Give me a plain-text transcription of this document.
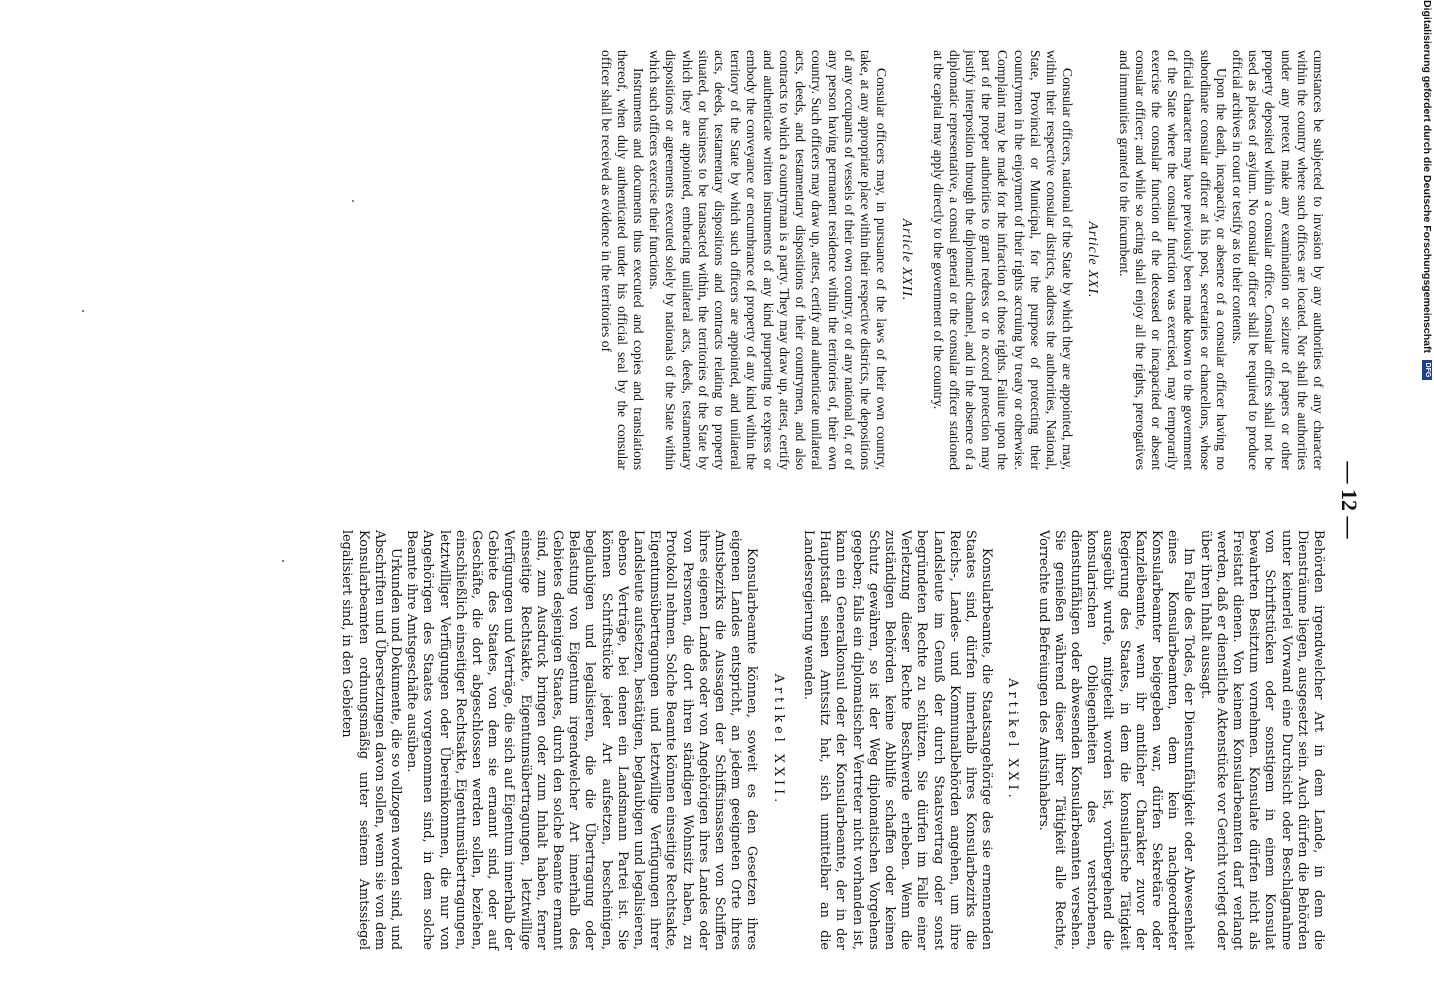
Digitalisierung gefördert durch die Deutsche Forschungsgemeinschaft DFG
— 12 —

cumstances be subjected to invasion by any authorities of any character within the country where such offices are located. Nor shall the authorities under any pretext make any examination or seizure of papers or other property deposited within a consular office. Consular offices shall not be used as places of asylum. No consular officer shall be required to produce official archives in court or testify as to their contents.

Upon the death, incapacity, or absence of a consular officer having no subordinate consular officer at his post, secretaries or chancellors, whose official character may have previously been made known to the government of the State where the consular function was exercised, may temporarily exercise the consular function of the deceased or incapacited or absent consular officer; and while so acting shall enjoy all the rights, prerogatives and immunities granted to the incumbent.

Article XXI.

Consular officers, national of the State by which they are appointed, may, within their respective consular districts, address the authorities, National, State, Provincial or Municipal, for the purpose of protecting their countrymen in the enjoyment of their rights accruing by treaty or otherwise. Complaint may be made for the infraction of those rights. Failure upon the part of the proper authorities to grant redress or to accord protection may justify interposition through the diplomatic channel, and in the absence of a diplomatic representative, a consul general or the consular officer stationed at the capital may apply directly to the government of the country.

Article XXII.

Consular officers may, in pursuance of the laws of their own country, take, at any appropriate place within their respective districts, the depositions of any occupants of vessels of their own country, or of any national of, or of any person having permanent residence within the territories of, their own country. Such officers may draw up, attest, certify and authenticate unilateral acts, deeds, and testamentary dispositions of their countrymen, and also contracts to which a countryman is a party. They may draw up, attest, certify and authenticate written instruments of any kind purporting to express or embody the conveyance or encumbrance of property of any kind within the territory of the State by which such officers are appointed, and unilateral acts, deeds, testamentary dispositions and contracts relating to property situated, or business to be transacted within, the territories of the State by which they are appointed, embracing unilateral acts, deeds, testamentary dispositions or agreements executed solely by nationals of the State within which such officers exercise their functions.

Instruments and documents thus executed and copies and translations thereof, when duly authenticated under his official seal by the consular officer shall be received as evidence in the territories of

Behörden irgendwelcher Art in dem Lande, in dem die Diensträume liegen, ausgesetzt sein. Auch dürfen die Behörden unter keinerlei Vorwand eine Durchsicht oder Beschlagnahme von Schriftstücken oder sonstigem in einem Konsulat bewahrten Besitztum vornehmen. Konsulate dürfen nicht als Freistatt dienen. Von keinem Konsularbeamten darf verlangt werden, daß er dienstliche Aktenstücke vor Gericht vorlegt oder über ihren Inhalt aussagt.

Im Falle des Todes, der Dienstunfähigkeit oder Abwesenheit eines Konsularbeamten, dem kein nachgeordneter Konsularbeamter beigegeben war, dürfen Sekretäre oder Kanzleibeamte, wenn ihr amtlicher Charakter zuvor der Regierung des Staates, in dem die konsularische Tätigkeit ausgeübt wurde, mitgeteilt worden ist, vorübergehend die konsularischen Obliegenheiten des verstorbenen, dienstunfähigen oder abwesenden Konsularbeamten versehen. Sie genießen während dieser ihrer Tätigkeit alle Rechte, Vorrechte und Befreiungen des Amtsinhabers.

Artikel XXI.

Konsularbeamte, die Staatsangehörige des sie ernennenden Staates sind, dürfen innerhalb ihres Konsularbezirks die Reichs-, Landes- und Kommunalbehörden angehen, um ihre Landsleute im Genuß der durch Staatsvertrag oder sonst begründeten Rechte zu schützen. Sie dürfen im Falle einer Verletzung dieser Rechte Beschwerde erheben. Wenn die zuständigen Behörden keine Abhilfe schaffen oder keinen Schutz gewähren, so ist der Weg diplomatischen Vorgehens gegeben; falls ein diplomatischer Vertreter nicht vorhanden ist, kann ein Generalkonsul oder der Konsularbeamte, der in der Hauptstadt seinen Amtssitz hat, sich unmittelbar an die Landesregierung wenden.

Artikel XXII.

Konsularbeamte können, soweit es den Gesetzen ihres eigenen Landes entspricht, an jedem geeigneten Orte ihres Amtsbezirks die Aussagen der Schiffsinsassen von Schiffen ihres eigenen Landes oder von Angehörigen ihres Landes oder von Personen, die dort ihren ständigen Wohnsitz haben, zu Protokoll nehmen. Solche Beamte können einseitige Rechtsakte, Eigentumsübertragungen und letztwillige Verfügungen ihrer Landsleute aufsetzen, bestätigen, beglaubigen und legalisieren, ebenso Verträge, bei denen ein Landsmann Partei ist. Sie können Schriftstücke jeder Art aufsetzen, bescheinigen, beglaubigen und legalisieren, die die Übertragung oder Belastung von Eigentum irgendwelcher Art innerhalb des Gebietes desjenigen Staates, durch den solche Beamte ernannt sind, zum Ausdruck bringen oder zum Inhalt haben, ferner einseitige Rechtsakte, Eigentumsübertragungen, letztwillige Verfügungen und Verträge, die sich auf Eigentum innerhalb der Gebiete des Staates, von dem sie ernannt sind, oder auf Geschäfte, die dort abgeschlossen werden sollen, beziehen, einschließlich einseitiger Rechtsakte, Eigentumsübertragungen, letztwilliger Verfügungen oder Übereinkommen, die nur von Angehörigen des Staates vorgenommen sind, in dem solche Beamte ihre Amtsgeschäfte ausüben.

Urkunden und Dokumente, die so vollzogen worden sind, und Abschriften und Übersetzungen davon sollen, wenn sie von dem Konsularbeamten ordnungsmäßig unter seinem Amtssiegel legalisiert sind, in den Gebieten
